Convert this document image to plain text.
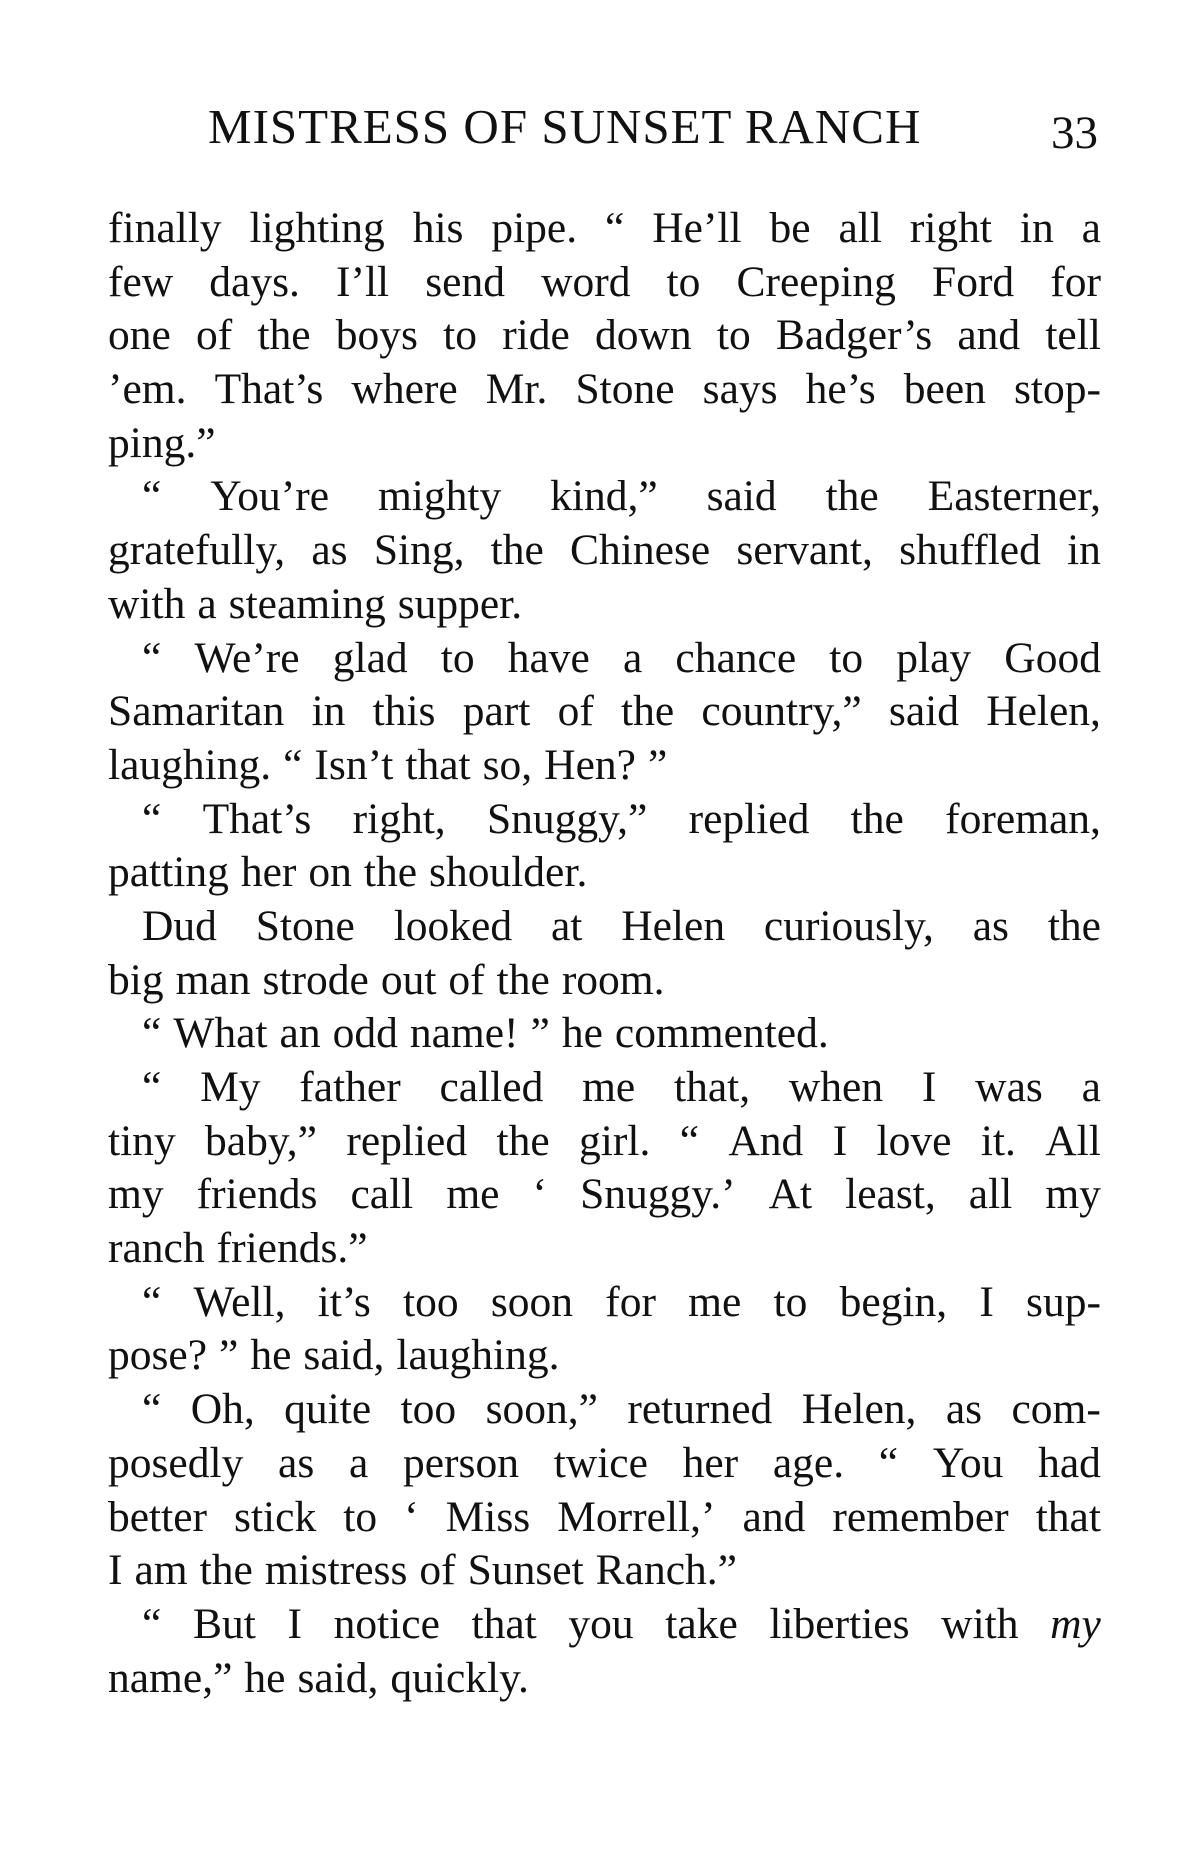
MISTRESS OF SUNSET RANCH	33
finally lighting his pipe. “ He’ll be all right in a
few days. I’ll send word to Creeping Ford for
one of the boys to ride down to Badger’s and tell
’em. That’s where Mr. Stone says he’s been stop-
ping.”
“ You’re mighty kind,” said the Easterner,
gratefully, as Sing, the Chinese servant, shuffled in
with a steaming supper.
“ We’re glad to have a chance to play Good
Samaritan in this part of the country,” said Helen,
laughing. “ Isn’t that so, Hen? ”
“ That’s right, Snuggy,” replied the foreman,
patting her on the shoulder.
Dud Stone looked at Helen curiously, as the
big man strode out of the room.
“ What an odd name! ” he commented.
“ My father called me that, when I was a
tiny baby,” replied the girl. “ And I love it. All
my friends call me ‘ Snuggy.’ At least, all my
ranch friends.”
“ Well, it’s too soon for me to begin, I sup-
pose? ” he said, laughing.
“ Oh, quite too soon,” returned Helen, as com-
posedly as a person twice her age. “ You had
better stick to ‘ Miss Morrell,’ and remember that
I am the mistress of Sunset Ranch.”
“ But I notice that you take liberties with my
name,” he said, quickly.
